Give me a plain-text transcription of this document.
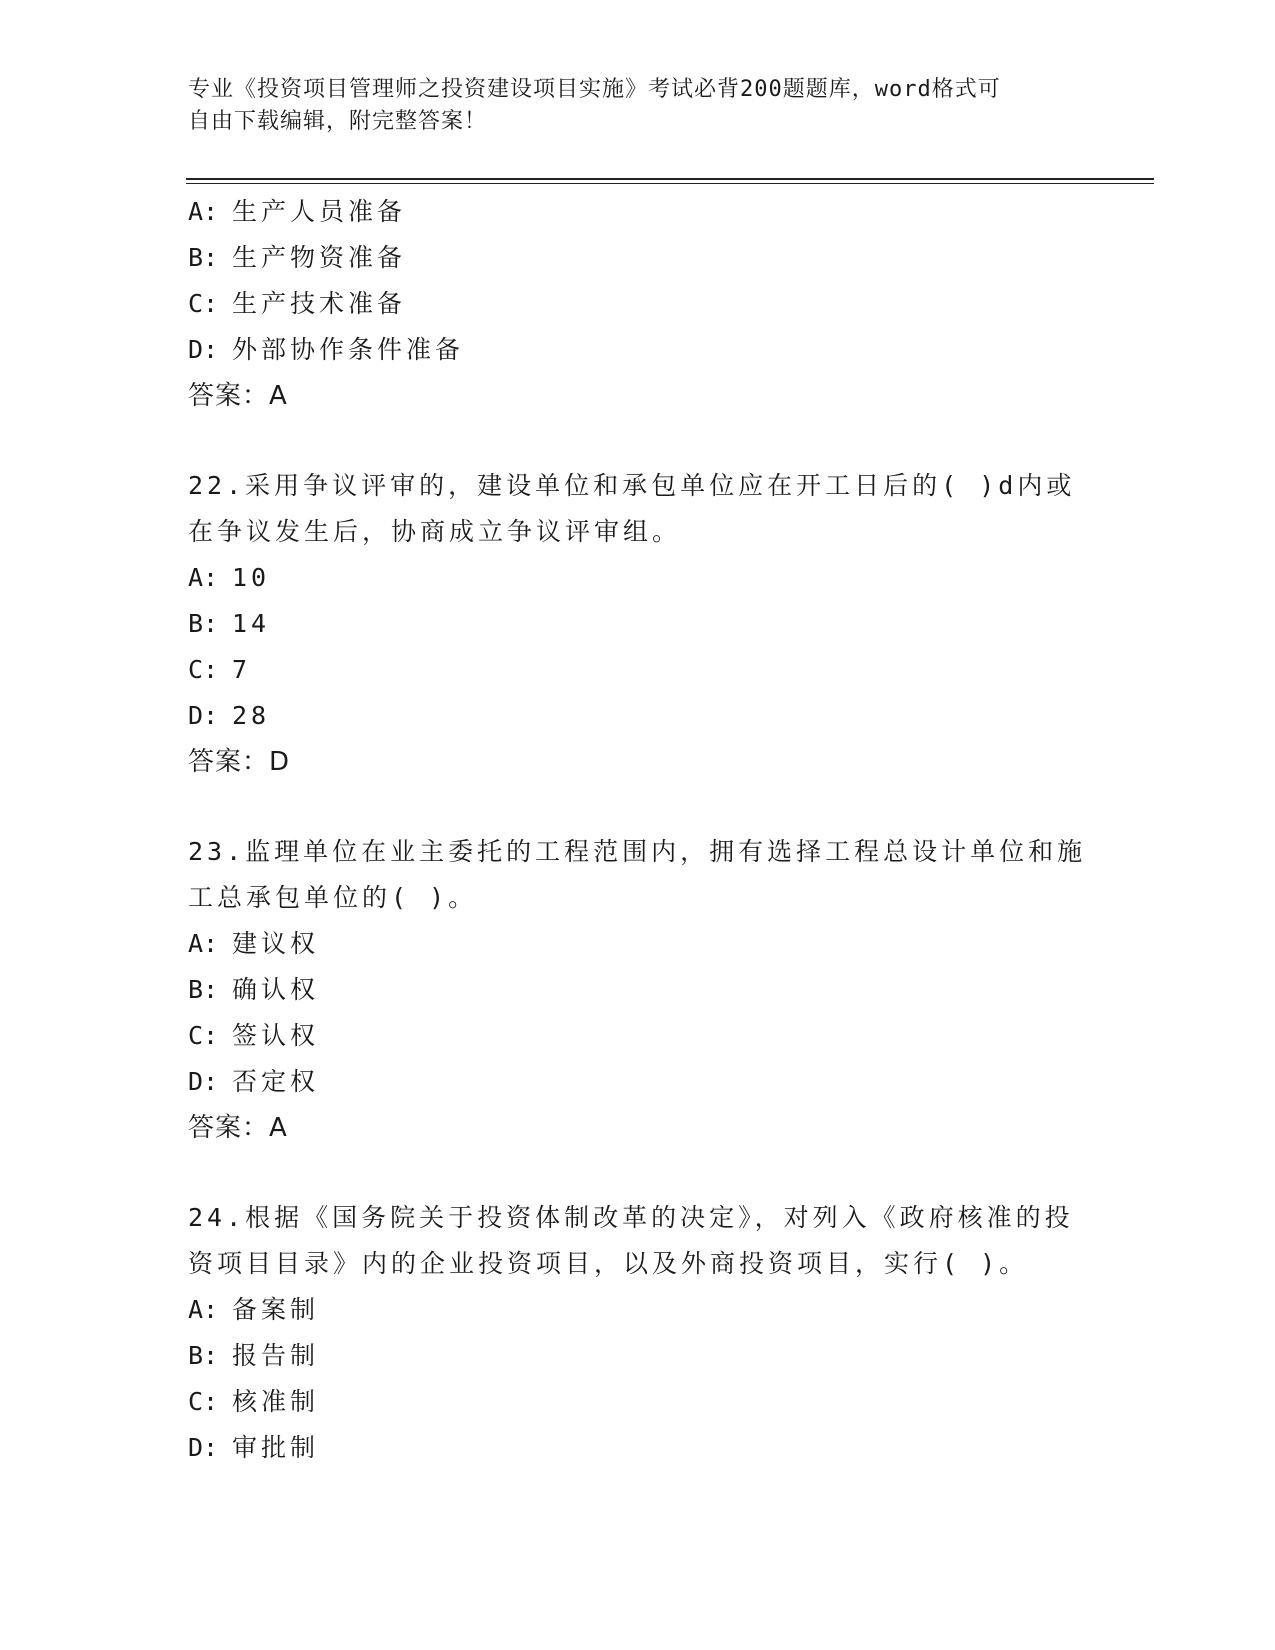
专业《投资项目管理师之投资建设项目实施》考试必背200题题库，word格式可
自由下载编辑，附完整答案！
A: 生产人员准备
B: 生产物资准备
C: 生产技术准备
D: 外部协作条件准备
答案：A
22.采用争议评审的，建设单位和承包单位应在开工日后的( )d内或
在争议发生后，协商成立争议评审组。
A: 10
B: 14
C: 7
D: 28
答案：D
23.监理单位在业主委托的工程范围内，拥有选择工程总设计单位和施
工总承包单位的( )。
A: 建议权
B: 确认权
C: 签认权
D: 否定权
答案：A
24.根据《国务院关于投资体制改革的决定》，对列入《政府核准的投
资项目目录》内的企业投资项目，以及外商投资项目，实行( )。
A: 备案制
B: 报告制
C: 核准制
D: 审批制
